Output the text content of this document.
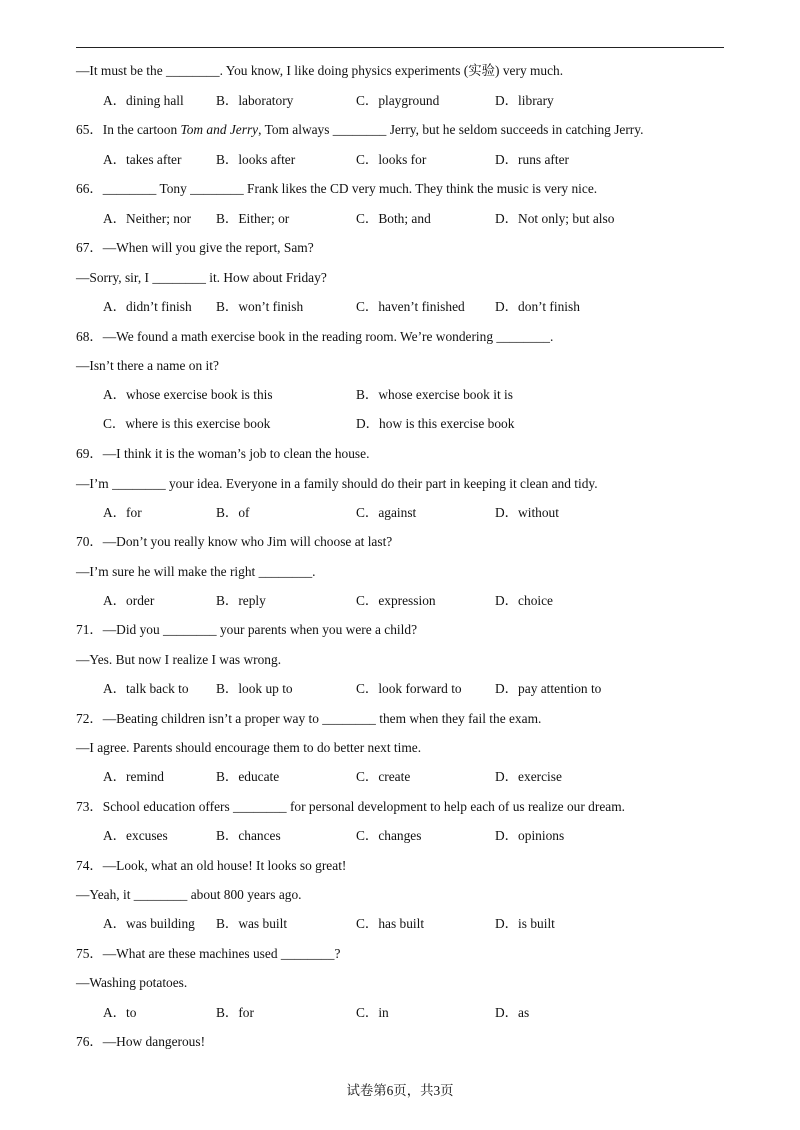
—It must be the ________. You know, I like doing physics experiments (实验) very much.
A．dining hall B．laboratory	C．playground	D．library
65．In the cartoon Tom and Jerry, Tom always ________ Jerry, but he seldom succeeds in catching Jerry.
A．takes after	B．looks after	C．looks for	D．runs after
66．________ Tony ________ Frank likes the CD very much. They think the music is very nice.
A．Neither; nor B．Either; or	C．Both; and	D．Not only; but also
67．—When will you give the report, Sam?
—Sorry, sir, I ________ it. How about Friday?
A．didn’t finish B．won’t finish	C．haven’t finished D．don’t finish
68．—We found a math exercise book in the reading room. We’re wondering ________.
—Isn’t there a name on it?
A．whose exercise book is this	B．whose exercise book it is
C．where is this exercise book	D．how is this exercise book
69．—I think it is the woman’s job to clean the house.
—I’m ________ your idea. Everyone in a family should do their part in keeping it clean and tidy.
A．for	B．of	C．against	D．without
70．—Don’t you really know who Jim will choose at last?
—I’m sure he will make the right ________.
A．order	B．reply	C．expression	D．choice
71．—Did you ________ your parents when you were a child?
—Yes. But now I realize I was wrong.
A．talk back to B．look up to	C．look forward to D．pay attention to
72．—Beating children isn’t a proper way to ________ them when they fail the exam.
—I agree. Parents should encourage them to do better next time.
A．remind	B．educate	C．create	D．exercise
73．School education offers ________ for personal development to help each of us realize our dream.
A．excuses	B．chances	C．changes	D．opinions
74．—Look, what an old house! It looks so great!
—Yeah, it ________ about 800 years ago.
A．was building B．was built	C．has built	D．is built
75．—What are these machines used ________?
—Washing potatoes.
A．to	B．for	C．in	D．as
76．—How dangerous!
试卷第6页，共3页
